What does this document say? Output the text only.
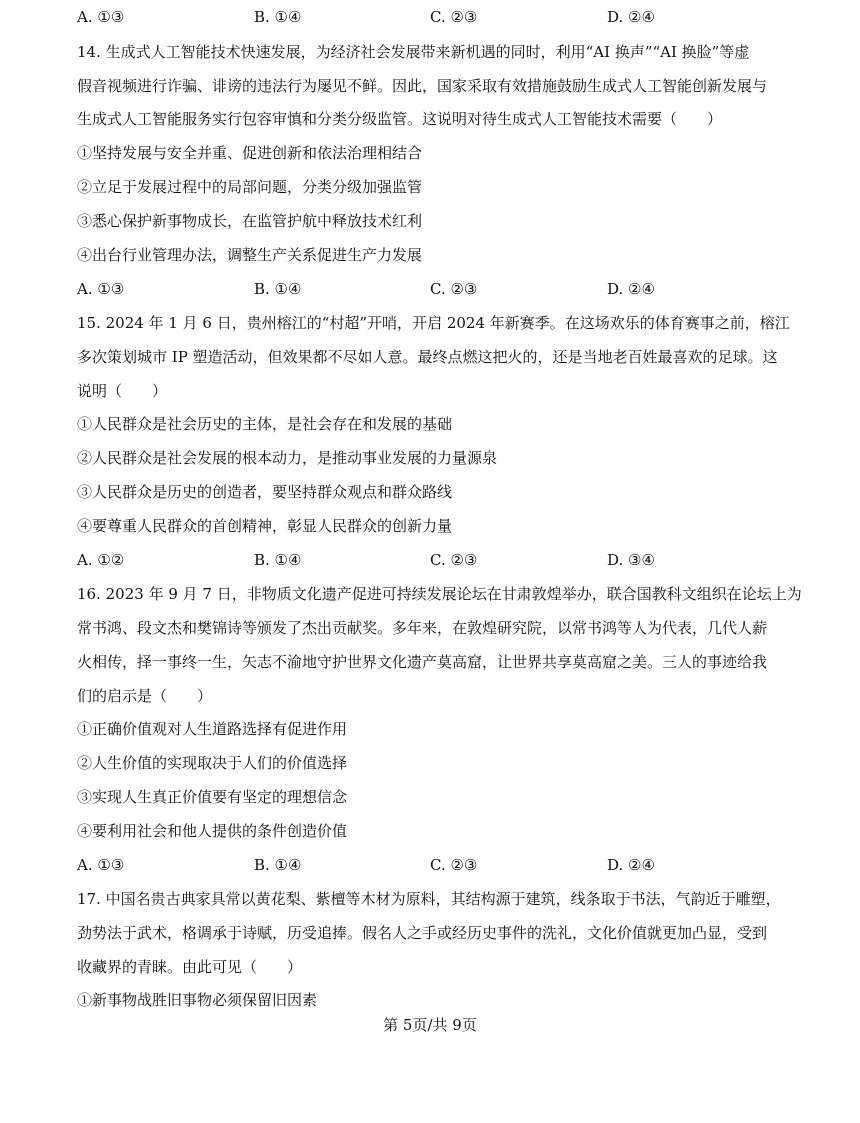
A. ①③	B. ①④	C. ②③	D. ②④
14. 生成式人工智能技术快速发展，为经济社会发展带来新机遇的同时，利用“AI 换声”“AI 换脸”等虚
假音视频进行诈骗、诽谤的违法行为屡见不鲜。因此，国家采取有效措施鼓励生成式人工智能创新发展与
生成式人工智能服务实行包容审慎和分类分级监管。这说明对待生成式人工智能技术需要（　　）
①坚持发展与安全并重、促进创新和依法治理相结合
②立足于发展过程中的局部问题，分类分级加强监管
③悉心保护新事物成长，在监管护航中释放技术红利
④出台行业管理办法，调整生产关系促进生产力发展
A. ①③	B. ①④	C. ②③	D. ②④
15. 2024 年 1 月 6 日，贵州榕江的“村超”开哨，开启 2024 年新赛季。在这场欢乐的体育赛事之前，榕江
多次策划城市 IP 塑造活动，但效果都不尽如人意。最终点燃这把火的，还是当地老百姓最喜欢的足球。这
说明（　　）
①人民群众是社会历史的主体，是社会存在和发展的基础
②人民群众是社会发展的根本动力，是推动事业发展的力量源泉
③人民群众是历史的创造者，要坚持群众观点和群众路线
④要尊重人民群众的首创精神，彰显人民群众的创新力量
A. ①②	B. ①④	C. ②③	D. ③④
16. 2023 年 9 月 7 日，非物质文化遗产促进可持续发展论坛在甘肃敦煌举办，联合国教科文组织在论坛上为
常书鸿、段文杰和樊锦诗等颁发了杰出贡献奖。多年来，在敦煌研究院，以常书鸿等人为代表，几代人薪
火相传，择一事终一生，矢志不渝地守护世界文化遗产莫高窟，让世界共享莫高窟之美。三人的事迹给我
们的启示是（　　）
①正确价值观对人生道路选择有促进作用
②人生价值的实现取决于人们的价值选择
③实现人生真正价值要有坚定的理想信念
④要利用社会和他人提供的条件创造价值
A. ①③	B. ①④	C. ②③	D. ②④
17. 中国名贵古典家具常以黄花梨、紫檀等木材为原料，其结构源于建筑，线条取于书法，气韵近于雕塑，
劲势法于武术，格调承于诗赋，历受追捧。假名人之手或经历史事件的洗礼，文化价值就更加凸显，受到
收藏界的青睐。由此可见（　　）
①新事物战胜旧事物必须保留旧因素
第 5页/共 9页
